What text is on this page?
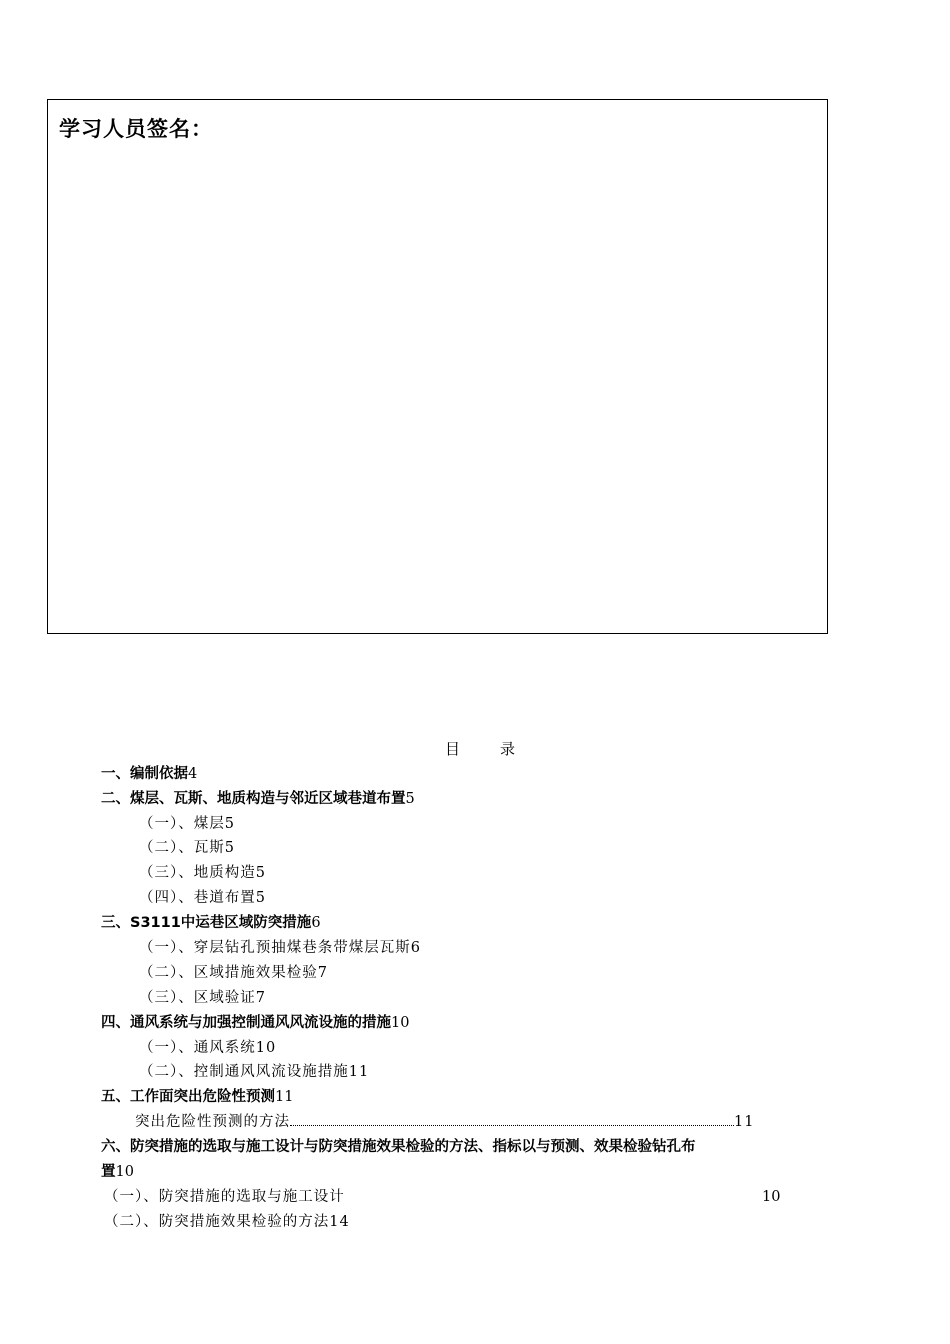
学习人员签名：
目	录
一、编制依据4
二、煤层、瓦斯、地质构造与邻近区域巷道布置5
（一）、煤层5
（二）、瓦斯5
（三）、地质构造5
（四）、巷道布置5
三、S3111中运巷区域防突措施6
（一）、穿层钻孔预抽煤巷条带煤层瓦斯6
（二）、区域措施效果检验7
（三）、区域验证7
四、通风系统与加强控制通风风流设施的措施10
（一）、通风系统10
（二）、控制通风风流设施措施11
五、工作面突出危险性预测11
突出危险性预测的方法	.	11
六、防突措施的选取与施工设计与防突措施效果检验的方法、指标以与预测、效果检验钻孔布
置10
（一）、防突措施的选取与施工设计	10
（二）、防突措施效果检验的方法14
